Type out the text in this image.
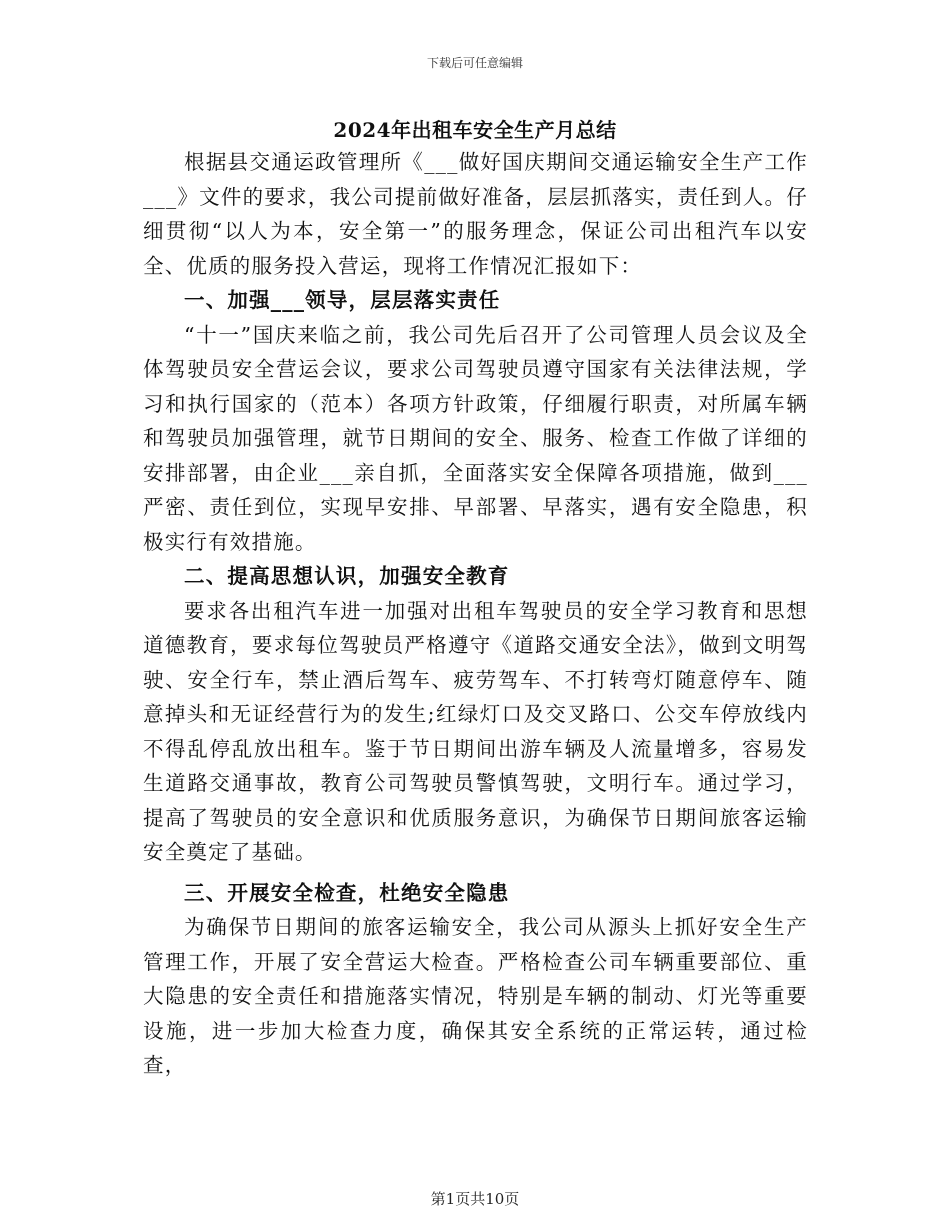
下载后可任意编辑
2024年出租车安全生产月总结

根据县交通运政管理所《___做好国庆期间交通运输安全生产工作___》文件的要求，我公司提前做好准备，层层抓落实，责任到人。仔细贯彻“以人为本，安全第一”的服务理念，保证公司出租汽车以安全、优质的服务投入营运，现将工作情况汇报如下：

一、加强___领导，层层落实责任

“十一”国庆来临之前，我公司先后召开了公司管理人员会议及全体驾驶员安全营运会议，要求公司驾驶员遵守国家有关法律法规，学习和执行国家的（范本）各项方针政策，仔细履行职责，对所属车辆和驾驶员加强管理，就节日期间的安全、服务、检查工作做了详细的安排部署，由企业___亲自抓，全面落实安全保障各项措施，做到___严密、责任到位，实现早安排、早部署、早落实，遇有安全隐患，积极实行有效措施。

二、提高思想认识，加强安全教育

要求各出租汽车进一加强对出租车驾驶员的安全学习教育和思想道德教育，要求每位驾驶员严格遵守《道路交通安全法》，做到文明驾驶、安全行车，禁止酒后驾车、疲劳驾车、不打转弯灯随意停车、随意掉头和无证经营行为的发生;红绿灯口及交叉路口、公交车停放线内不得乱停乱放出租车。鉴于节日期间出游车辆及人流量增多，容易发生道路交通事故，教育公司驾驶员警慎驾驶，文明行车。通过学习，提高了驾驶员的安全意识和优质服务意识，为确保节日期间旅客运输安全奠定了基础。

三、开展安全检查，杜绝安全隐患

为确保节日期间的旅客运输安全，我公司从源头上抓好安全生产管理工作，开展了安全营运大检查。严格检查公司车辆重要部位、重大隐患的安全责任和措施落实情况，特别是车辆的制动、灯光等重要设施，进一步加大检查力度，确保其安全系统的正常运转，通过检查，

第1页共10页
